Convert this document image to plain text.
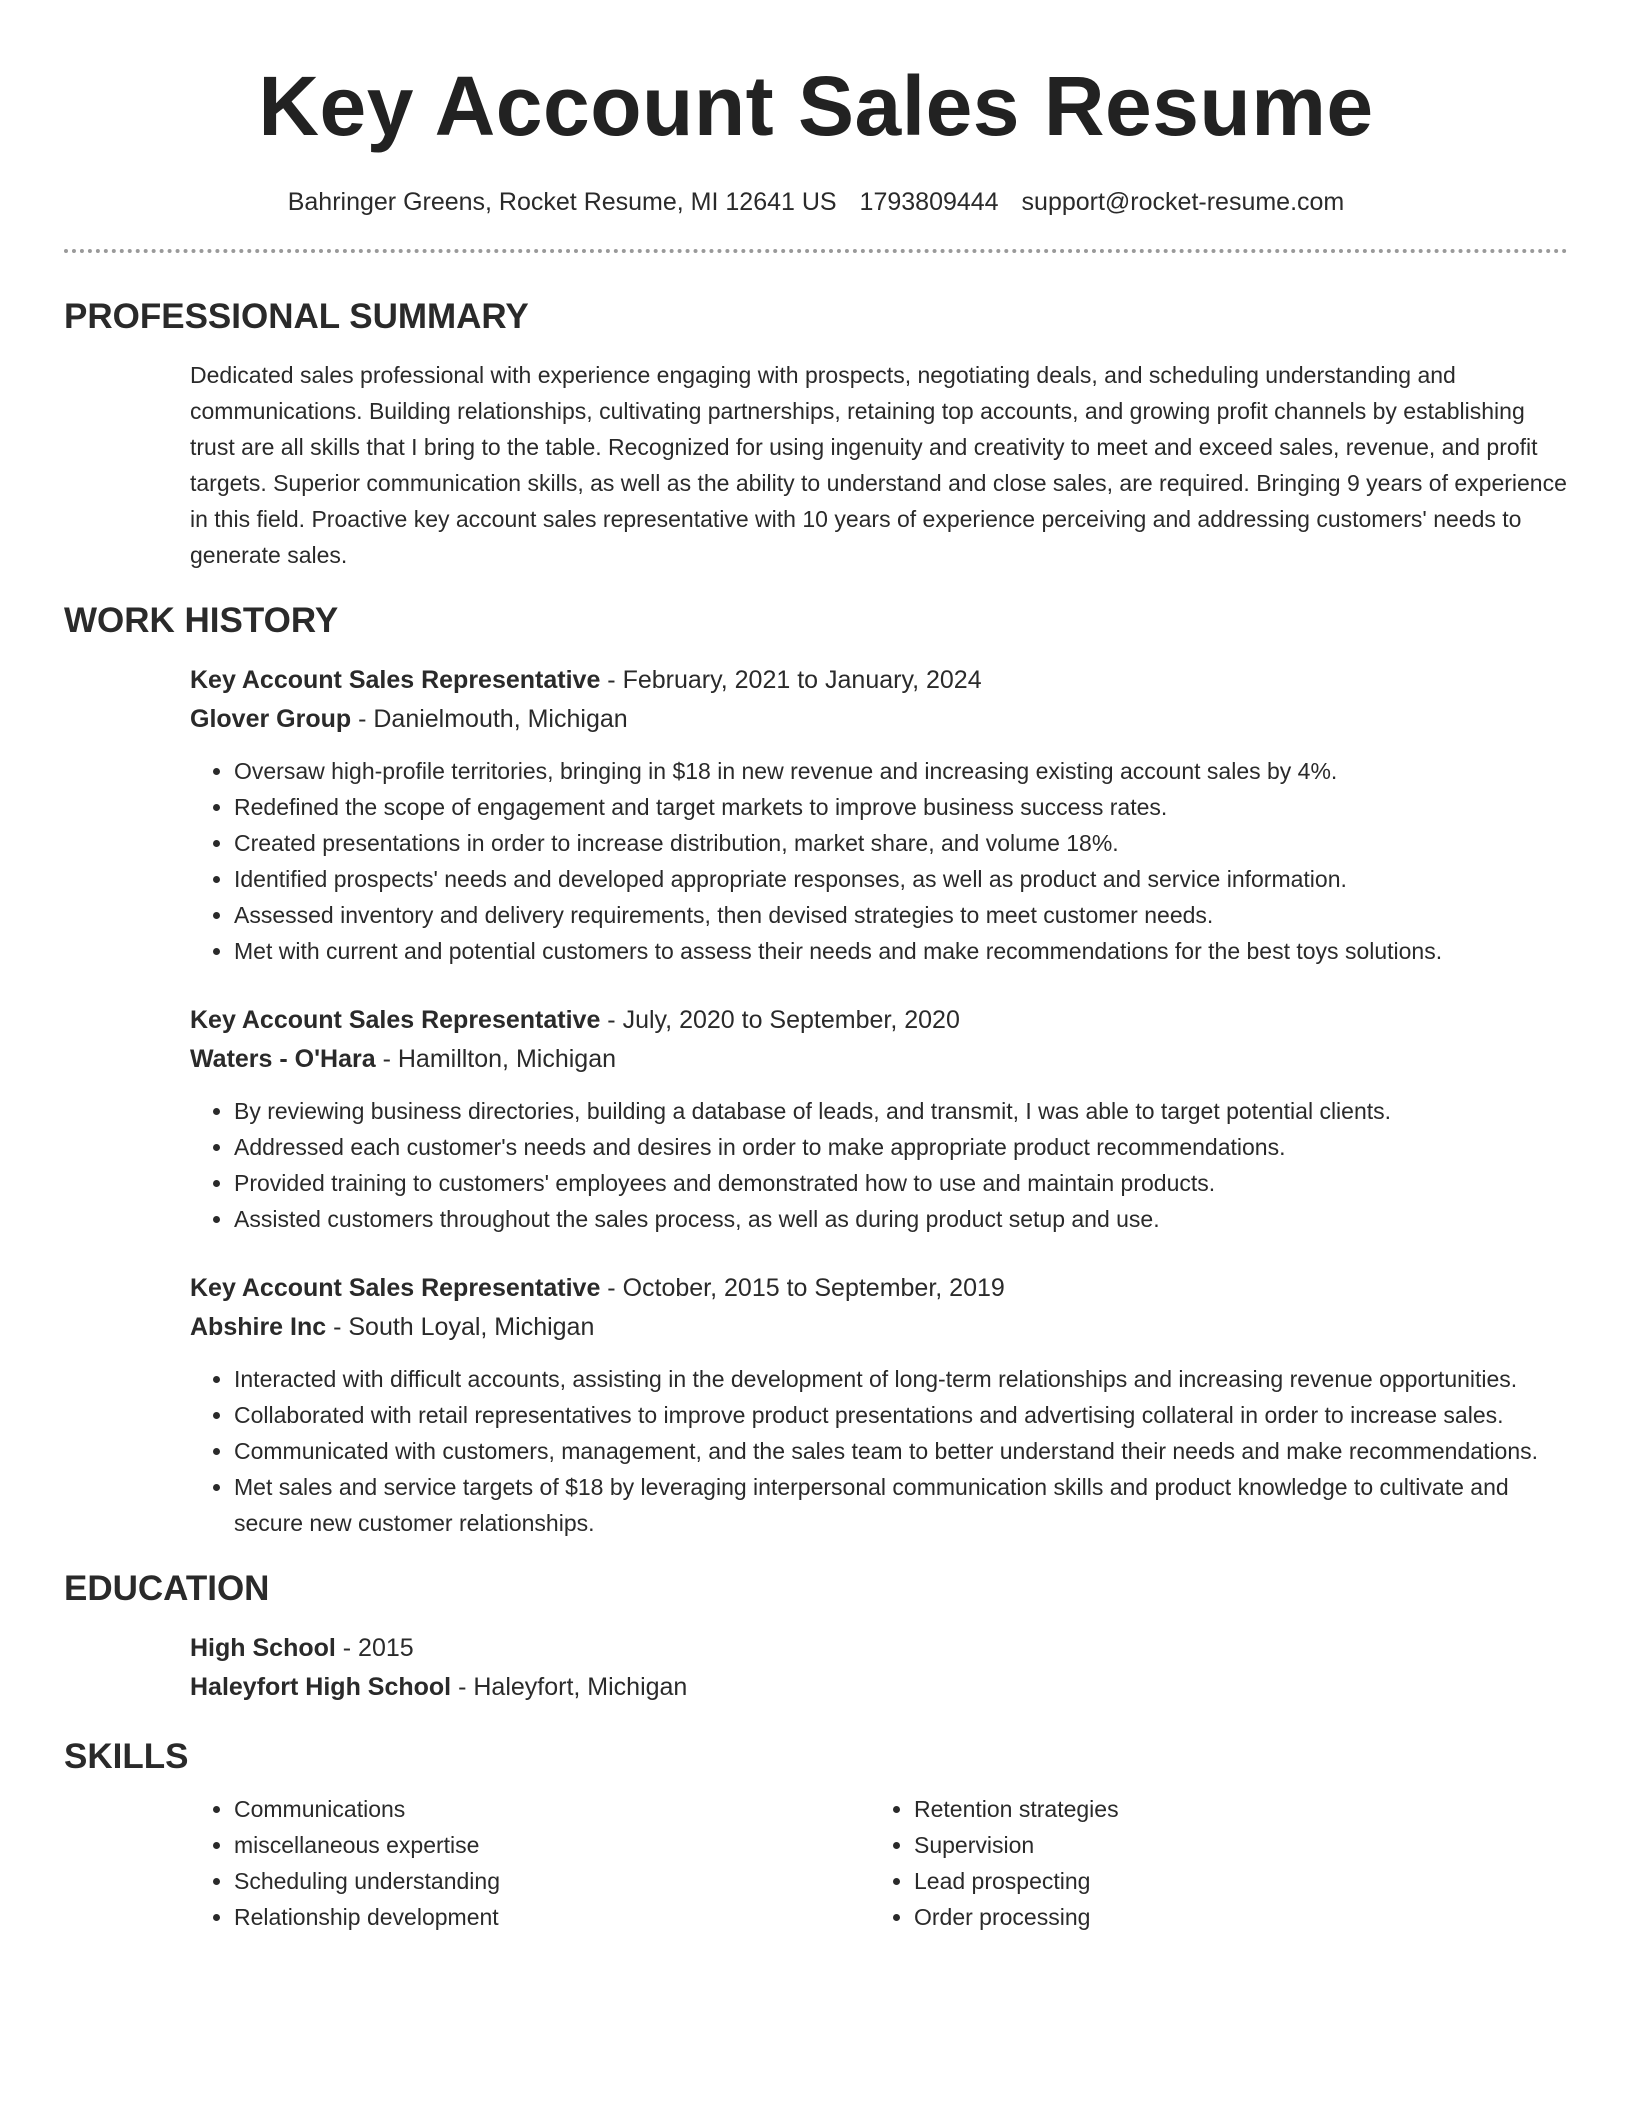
Key Account Sales Resume
Bahringer Greens, Rocket Resume, MI 12641 US 1793809444 support@rocket-resume.com
PROFESSIONAL SUMMARY
Dedicated sales professional with experience engaging with prospects, negotiating deals, and scheduling understanding and communications. Building relationships, cultivating partnerships, retaining top accounts, and growing profit channels by establishing trust are all skills that I bring to the table. Recognized for using ingenuity and creativity to meet and exceed sales, revenue, and profit targets. Superior communication skills, as well as the ability to understand and close sales, are required. Bringing 9 years of experience in this field. Proactive key account sales representative with 10 years of experience perceiving and addressing customers' needs to generate sales.
WORK HISTORY
Key Account Sales Representative - February, 2021 to January, 2024
Glover Group - Danielmouth, Michigan
• Oversaw high-profile territories, bringing in $18 in new revenue and increasing existing account sales by 4%.
• Redefined the scope of engagement and target markets to improve business success rates.
• Created presentations in order to increase distribution, market share, and volume 18%.
• Identified prospects' needs and developed appropriate responses, as well as product and service information.
• Assessed inventory and delivery requirements, then devised strategies to meet customer needs.
• Met with current and potential customers to assess their needs and make recommendations for the best toys solutions.
Key Account Sales Representative - July, 2020 to September, 2020
Waters - O'Hara - Hamillton, Michigan
• By reviewing business directories, building a database of leads, and transmit, I was able to target potential clients.
• Addressed each customer's needs and desires in order to make appropriate product recommendations.
• Provided training to customers' employees and demonstrated how to use and maintain products.
• Assisted customers throughout the sales process, as well as during product setup and use.
Key Account Sales Representative - October, 2015 to September, 2019
Abshire Inc - South Loyal, Michigan
• Interacted with difficult accounts, assisting in the development of long-term relationships and increasing revenue opportunities.
• Collaborated with retail representatives to improve product presentations and advertising collateral in order to increase sales.
• Communicated with customers, management, and the sales team to better understand their needs and make recommendations.
• Met sales and service targets of $18 by leveraging interpersonal communication skills and product knowledge to cultivate and secure new customer relationships.
EDUCATION
High School - 2015
Haleyfort High School - Haleyfort, Michigan
SKILLS
• Communications
• miscellaneous expertise
• Scheduling understanding
• Relationship development
• Retention strategies
• Supervision
• Lead prospecting
• Order processing
